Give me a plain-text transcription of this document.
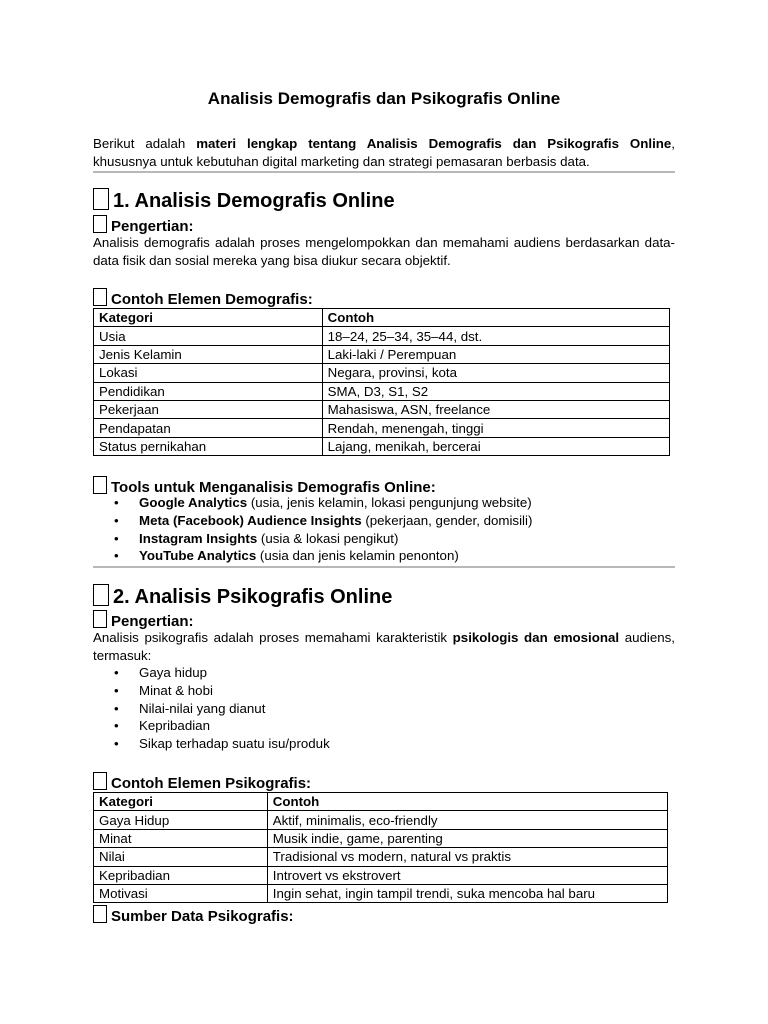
Analisis Demografis dan Psikografis Online

Berikut adalah materi lengkap tentang Analisis Demografis dan Psikografis Online, khususnya untuk kebutuhan digital marketing dan strategi pemasaran berbasis data.

1. Analisis Demografis Online
Pengertian:

Analisis demografis adalah proses mengelompokkan dan memahami audiens berdasarkan data-data fisik dan sosial mereka yang bisa diukur secara objektif.

Contoh Elemen Demografis:
Kategori	Contoh
Usia	18–24, 25–34, 35–44, dst.
Jenis Kelamin	Laki-laki / Perempuan
Lokasi	Negara, provinsi, kota
Pendidikan	SMA, D3, S1, S2
Pekerjaan	Mahasiswa, ASN, freelance
Pendapatan	Rendah, menengah, tinggi
Status pernikahan	Lajang, menikah, bercerai
Tools untuk Menganalisis Demografis Online:
• Google Analytics (usia, jenis kelamin, lokasi pengunjung website)
• Meta (Facebook) Audience Insights (pekerjaan, gender, domisili)
• Instagram Insights (usia & lokasi pengikut)
• YouTube Analytics (usia dan jenis kelamin penonton)
2. Analisis Psikografis Online
Pengertian:

Analisis psikografis adalah proses memahami karakteristik psikologis dan emosional audiens, termasuk:

• Gaya hidup
• Minat & hobi
• Nilai-nilai yang dianut
• Kepribadian
• Sikap terhadap suatu isu/produk
Contoh Elemen Psikografis:
Kategori	Contoh
Gaya Hidup	Aktif, minimalis, eco-friendly
Minat	Musik indie, game, parenting
Nilai	Tradisional vs modern, natural vs praktis
Kepribadian	Introvert vs ekstrovert
Motivasi	Ingin sehat, ingin tampil trendi, suka mencoba hal baru
Sumber Data Psikografis:
